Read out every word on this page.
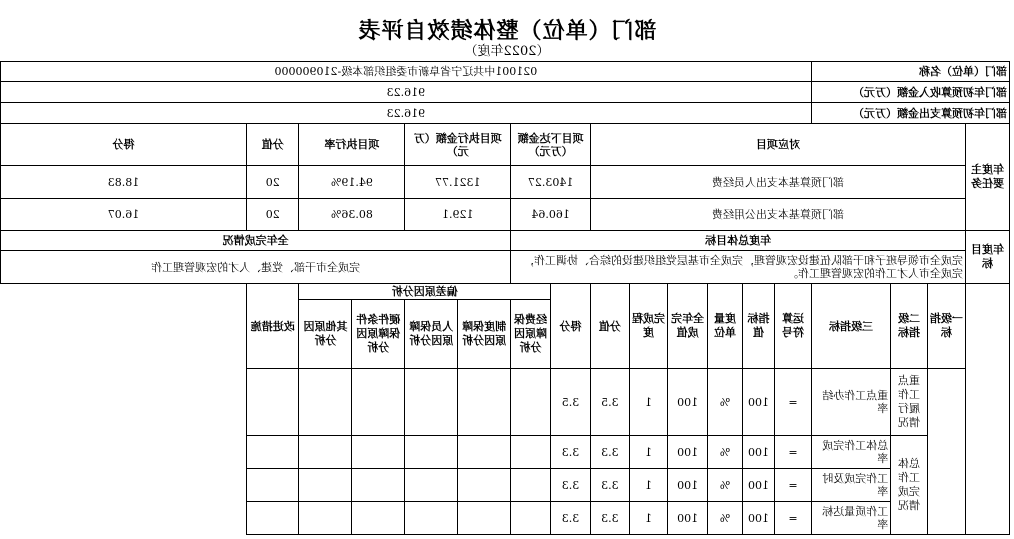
部门（单位）整体绩效自评表
（2022年度）
部门（单位）名称				021001中共辽宁省阜新市委组织部本级-210900000													
部门年初预算收入金额（万元）				916.23													
部门年初预算支出金额（万元）				916.23													
年度主要任务	对应项目									项目下达金额（万元）		项目执行金额（万元）		项目执行率		分值	得分
	部门预算基本支出人员经费									1403.27		1321.77		94.19%		20	18.83
	部门预算基本支出公用经费									160.64		129.1		80.36%		20	16.07
年度目标	年度总体目标											全年完成情况					
	完成全市领导班子和干部队伍建设宏观管理，完成全市基层党组织建设的综合、协调工作，完成全市人才工作的宏观管理工作。											完成全市干部、党建、人才的宏观管理工作					
	一级指标	二级指标	三级指标	运算符号	指标值	度量单位	全年完成值	完成程度	分值	得分	偏差原因分析					改进措施	
											经费保障原因分析	制度保障原因分析	人员保障原因分析	硬件条件保障原因分析	其他原因分析		
		重点工作履行情况	重点工作办结率	=	100	%	100	1	3.5	3.5							
		总体工作完成情况	总体工作完成率	=	100	%	100	1	3.3	3.3							
			工作完成及时率	=	100	%	100	1	3.3	3.3							
			工作质量达标率	=	100	%	100	1	3.3	3.3							
